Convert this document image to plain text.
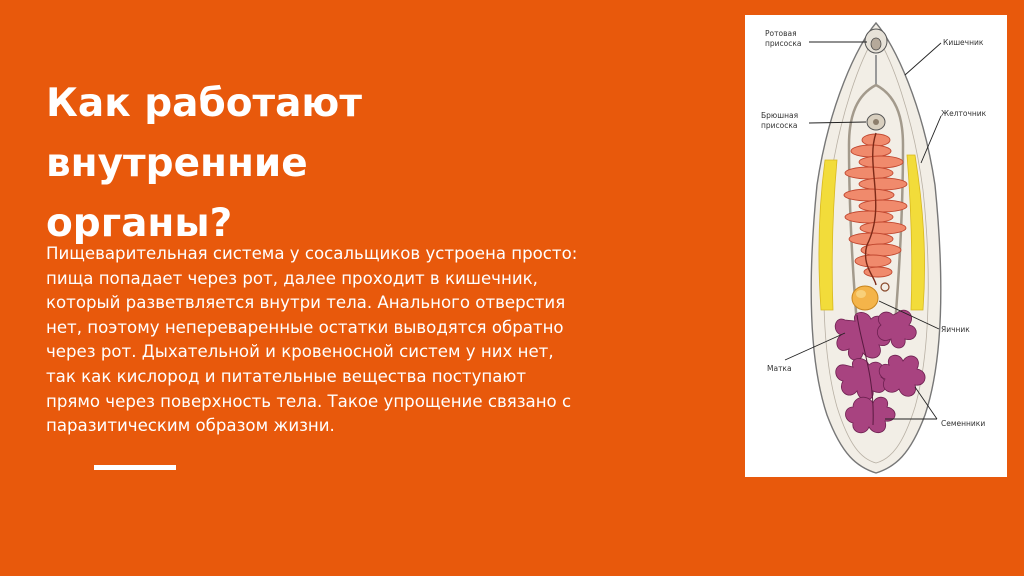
Как работают
внутренние
органы?
Пищеварительная система у сосальщиков устроена просто:
пища попадает через рот, далее проходит в кишечник,
который разветвляется внутри тела. Анального отверстия
нет, поэтому непереваренные остатки выводятся обратно
через рот. Дыхательной и кровеносной систем у них нет,
так как кислород и питательные вещества поступают
прямо через поверхность тела. Такое упрощение связано с
паразитическим образом жизни.
Ротовая
присоска	Кишечник
Брюшная
присоска
Желточник
Яичник
Матка
Семенники
